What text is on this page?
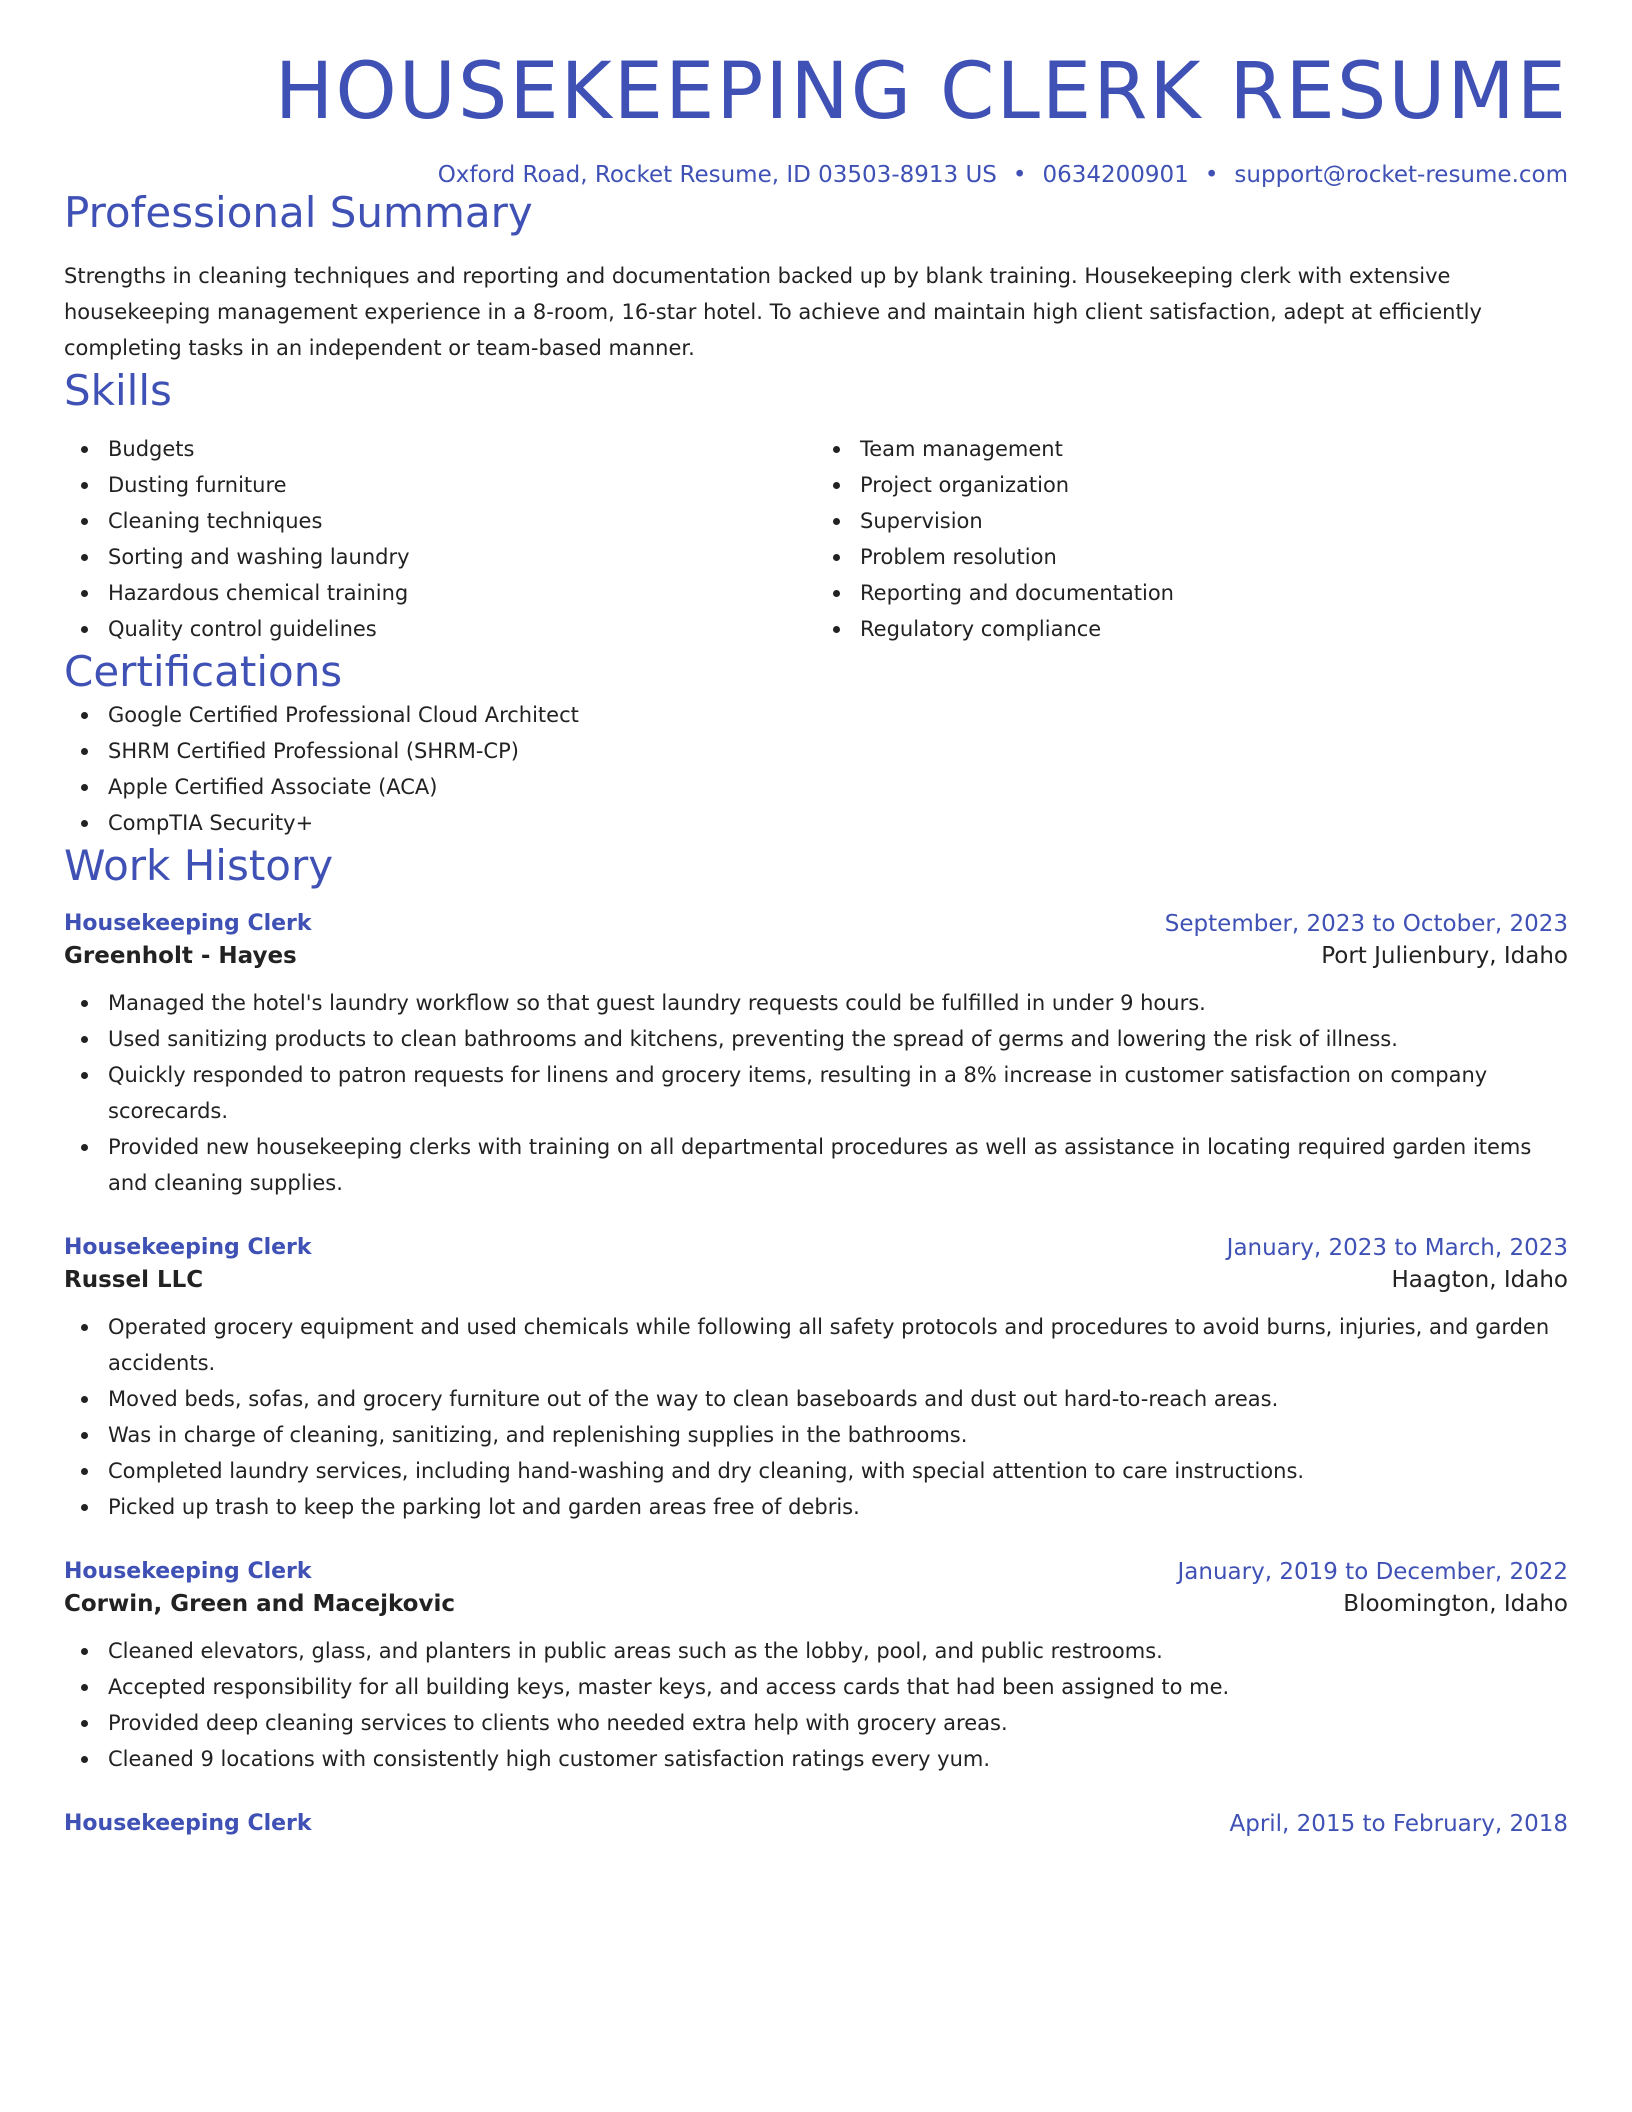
HOUSEKEEPING CLERK RESUME
Oxford Road, Rocket Resume, ID 03503-8913 US • 0634200901 • support@rocket-resume.com
Professional Summary

Strengths in cleaning techniques and reporting and documentation backed up by blank training. Housekeeping clerk with extensive housekeeping management experience in a 8-room, 16-star hotel. To achieve and maintain high client satisfaction, adept at efficiently completing tasks in an independent or team-based manner.

Skills
Budgets
Dusting furniture
Cleaning techniques
Sorting and washing laundry
Hazardous chemical training
Quality control guidelines
Team management
Project organization
Supervision
Problem resolution
Reporting and documentation
Regulatory compliance
Certifications
Google Certified Professional Cloud Architect
SHRM Certified Professional (SHRM-CP)
Apple Certified Associate (ACA)
CompTIA Security+
Work History
Housekeeping Clerk	September, 2023 to October, 2023
Greenholt - Hayes	Port Julienbury, Idaho
Managed the hotel's laundry workflow so that guest laundry requests could be fulfilled in under 9 hours.
Used sanitizing products to clean bathrooms and kitchens, preventing the spread of germs and lowering the risk of illness.
Quickly responded to patron requests for linens and grocery items, resulting in a 8% increase in customer satisfaction on company scorecards.
Provided new housekeeping clerks with training on all departmental procedures as well as assistance in locating required garden items and cleaning supplies.
Housekeeping Clerk	January, 2023 to March, 2023
Russel LLC	Haagton, Idaho
Operated grocery equipment and used chemicals while following all safety protocols and procedures to avoid burns, injuries, and garden accidents.
Moved beds, sofas, and grocery furniture out of the way to clean baseboards and dust out hard-to-reach areas.
Was in charge of cleaning, sanitizing, and replenishing supplies in the bathrooms.
Completed laundry services, including hand-washing and dry cleaning, with special attention to care instructions.
Picked up trash to keep the parking lot and garden areas free of debris.
Housekeeping Clerk	January, 2019 to December, 2022
Corwin, Green and Macejkovic	Bloomington, Idaho
Cleaned elevators, glass, and planters in public areas such as the lobby, pool, and public restrooms.
Accepted responsibility for all building keys, master keys, and access cards that had been assigned to me.
Provided deep cleaning services to clients who needed extra help with grocery areas.
Cleaned 9 locations with consistently high customer satisfaction ratings every yum.
Housekeeping Clerk	April, 2015 to February, 2018
